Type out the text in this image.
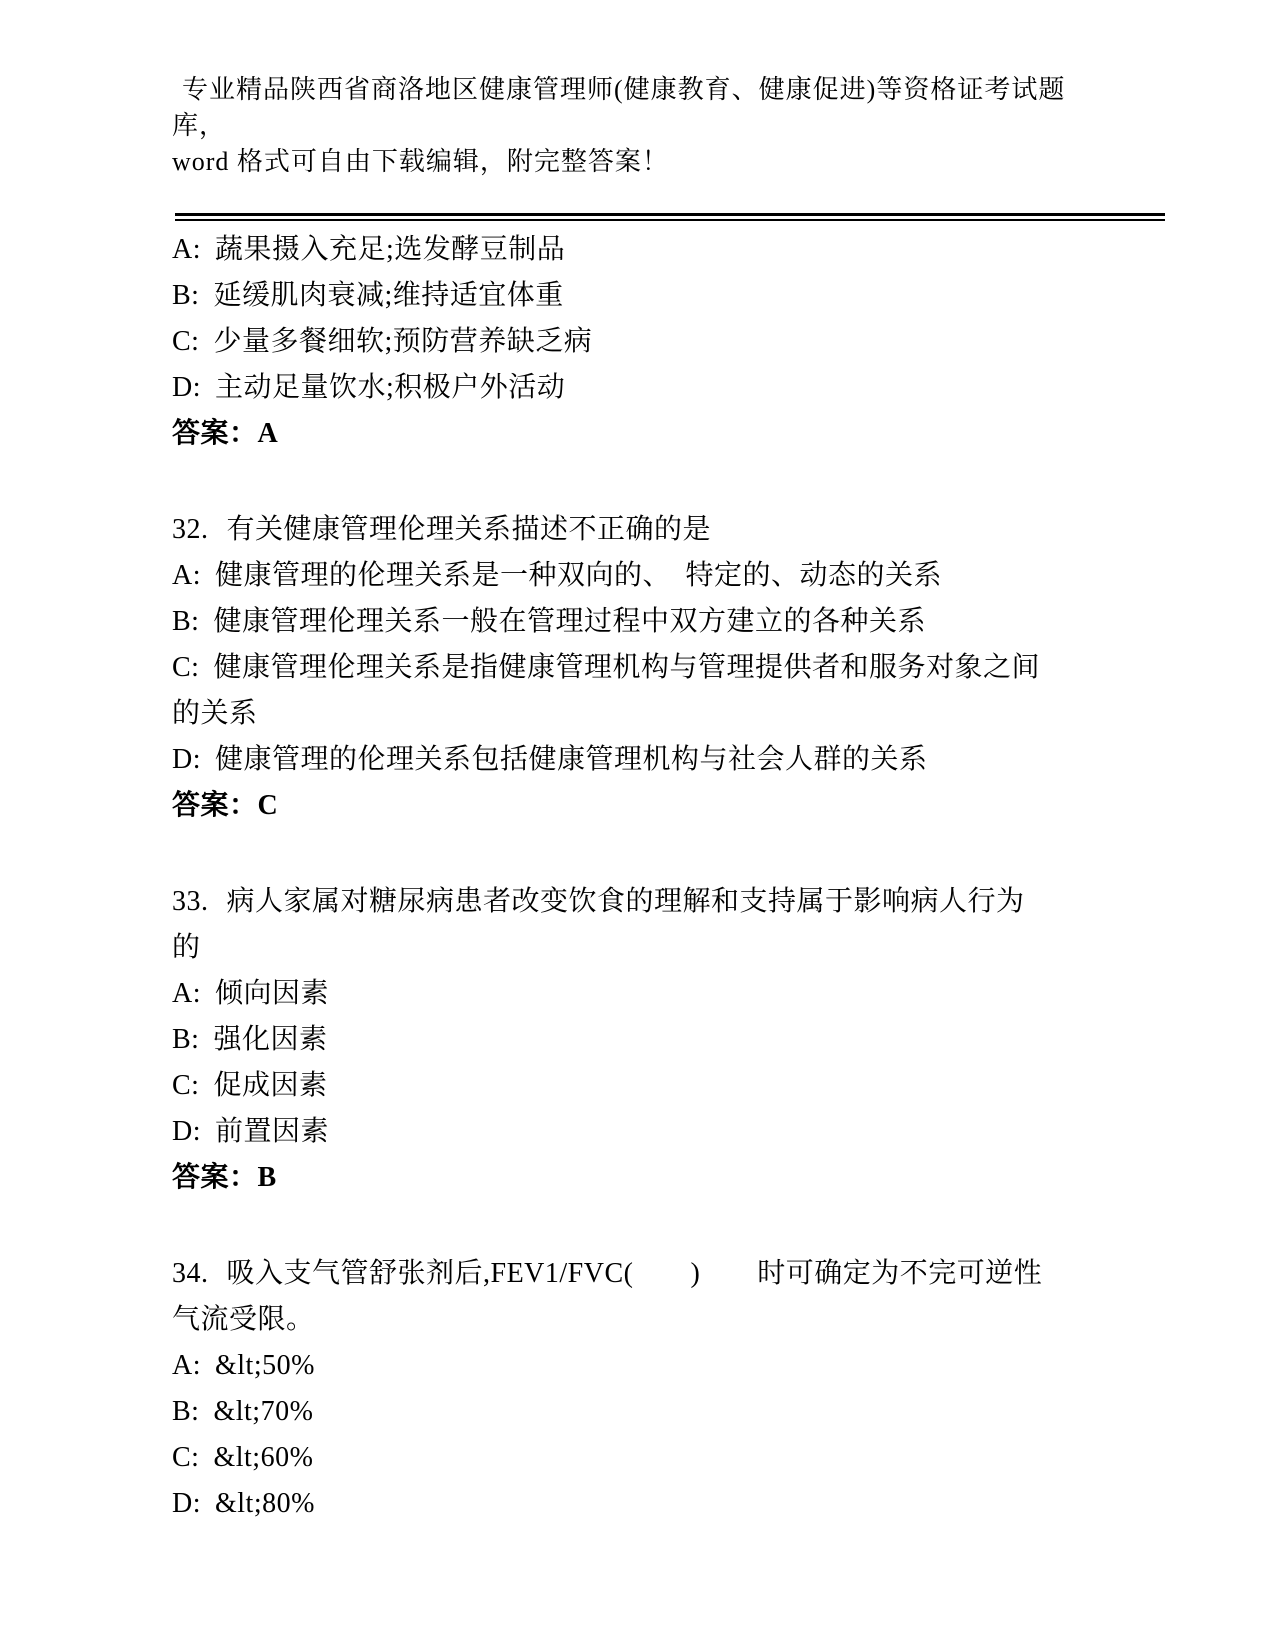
专业精品陕西省商洛地区健康管理师(健康教育、健康促进)等资格证考试题库，
word 格式可自由下载编辑，附完整答案！
A: 蔬果摄入充足;选发酵豆制品
B: 延缓肌肉衰减;维持适宜体重
C: 少量多餐细软;预防营养缺乏病
D: 主动足量饮水;积极户外活动
答案：A
32. 有关健康管理伦理关系描述不正确的是
A: 健康管理的伦理关系是一种双向的、　特定的、动态的关系
B: 健康管理伦理关系一般在管理过程中双方建立的各种关系
C: 健康管理伦理关系是指健康管理机构与管理提供者和服务对象之间的关系
D: 健康管理的伦理关系包括健康管理机构与社会人群的关系
答案：C
33. 病人家属对糖尿病患者改变饮食的理解和支持属于影响病人行为的
A: 倾向因素
B: 强化因素
C: 促成因素
D: 前置因素
答案：B
34. 吸入支气管舒张剂后,FEV1/FVC(　　)　　时可确定为不完可逆性气流受限。
A: &lt;50%
B: &lt;70%
C: &lt;60%
D: &lt;80%
